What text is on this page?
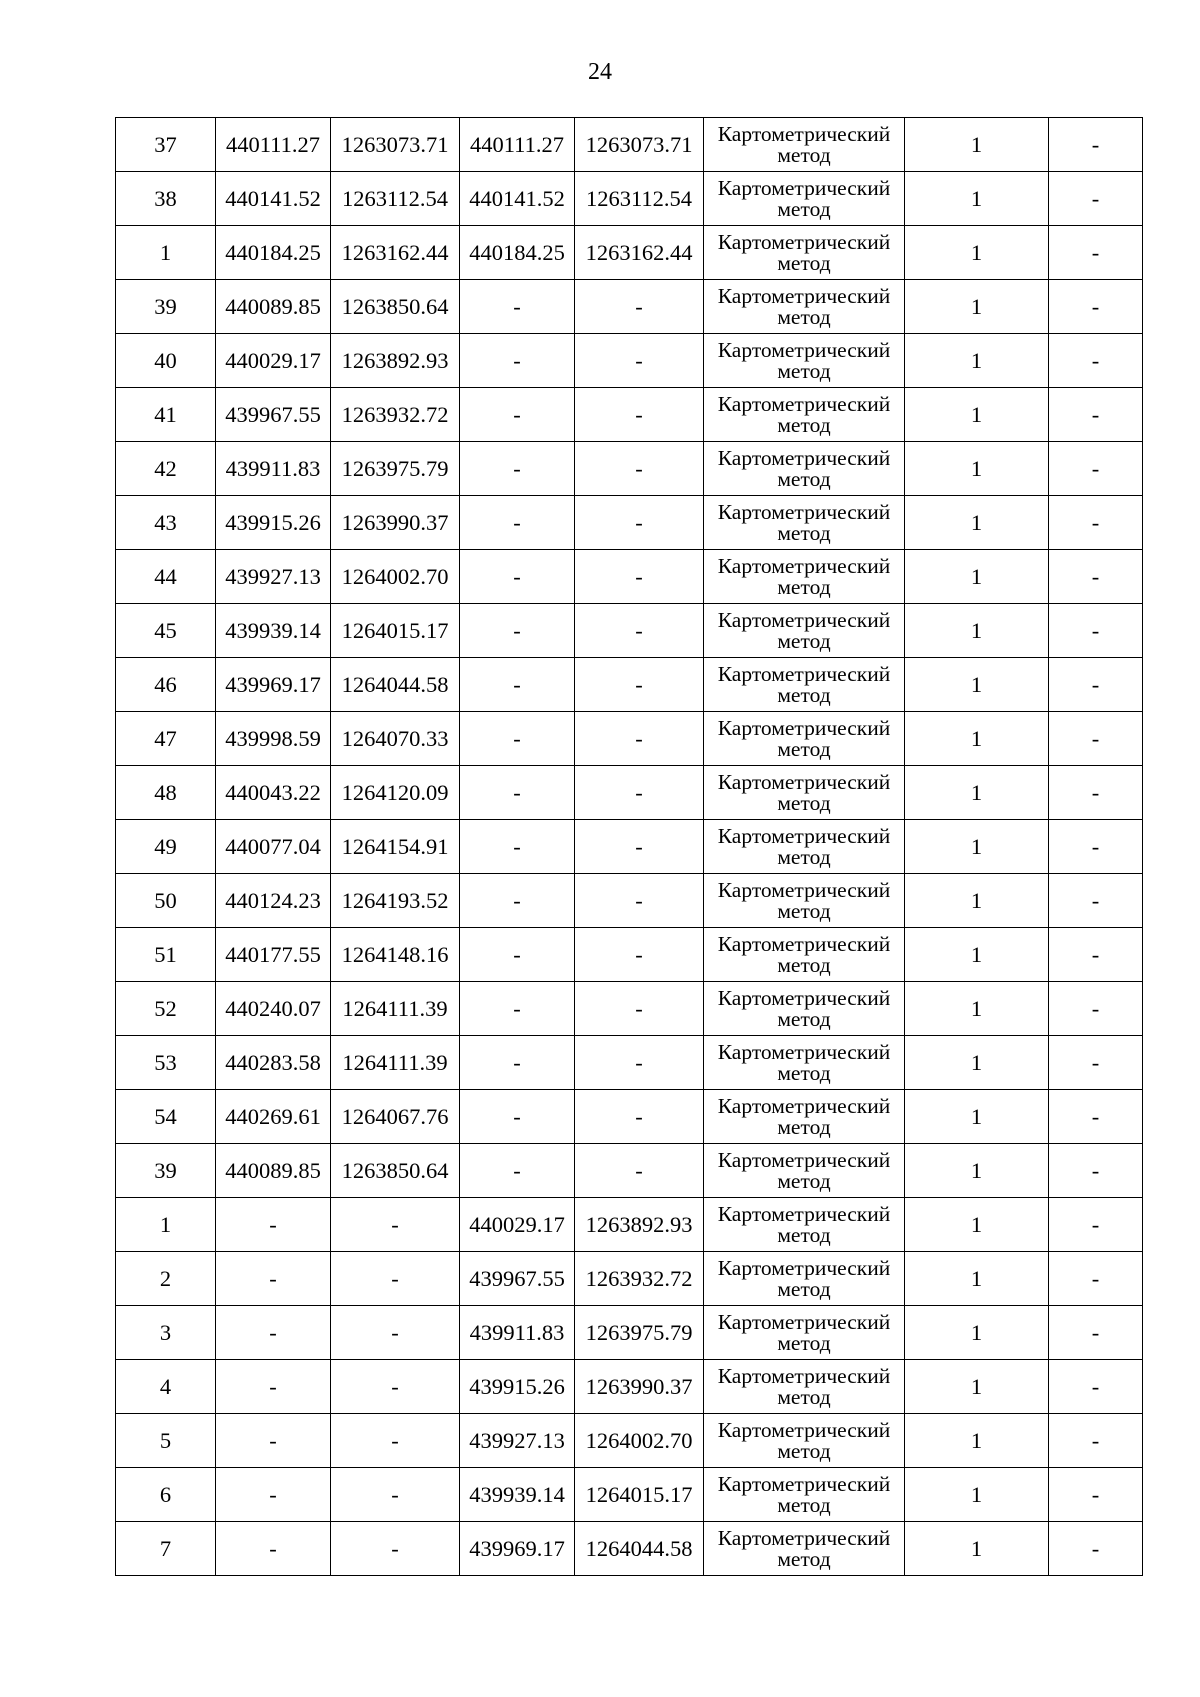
24
37	440111.27	1263073.71	440111.27	1263073.71	Картометрический
метод	1	-
38	440141.52	1263112.54	440141.52	1263112.54	Картометрический
метод	1	-
1	440184.25	1263162.44	440184.25	1263162.44	Картометрический
метод	1	-
39	440089.85	1263850.64	-	-	Картометрический
метод	1	-
40	440029.17	1263892.93	-	-	Картометрический
метод	1	-
41	439967.55	1263932.72	-	-	Картометрический
метод	1	-
42	439911.83	1263975.79	-	-	Картометрический
метод	1	-
43	439915.26	1263990.37	-	-	Картометрический
метод	1	-
44	439927.13	1264002.70	-	-	Картометрический
метод	1	-
45	439939.14	1264015.17	-	-	Картометрический
метод	1	-
46	439969.17	1264044.58	-	-	Картометрический
метод	1	-
47	439998.59	1264070.33	-	-	Картометрический
метод	1	-
48	440043.22	1264120.09	-	-	Картометрический
метод	1	-
49	440077.04	1264154.91	-	-	Картометрический
метод	1	-
50	440124.23	1264193.52	-	-	Картометрический
метод	1	-
51	440177.55	1264148.16	-	-	Картометрический
метод	1	-
52	440240.07	1264111.39	-	-	Картометрический
метод	1	-
53	440283.58	1264111.39	-	-	Картометрический
метод	1	-
54	440269.61	1264067.76	-	-	Картометрический
метод	1	-
39	440089.85	1263850.64	-	-	Картометрический
метод	1	-
1	-	-	440029.17	1263892.93	Картометрический
метод	1	-
2	-	-	439967.55	1263932.72	Картометрический
метод	1	-
3	-	-	439911.83	1263975.79	Картометрический
метод	1	-
4	-	-	439915.26	1263990.37	Картометрический
метод	1	-
5	-	-	439927.13	1264002.70	Картометрический
метод	1	-
6	-	-	439939.14	1264015.17	Картометрический
метод	1	-
7	-	-	439969.17	1264044.58	Картометрический
метод	1	-
